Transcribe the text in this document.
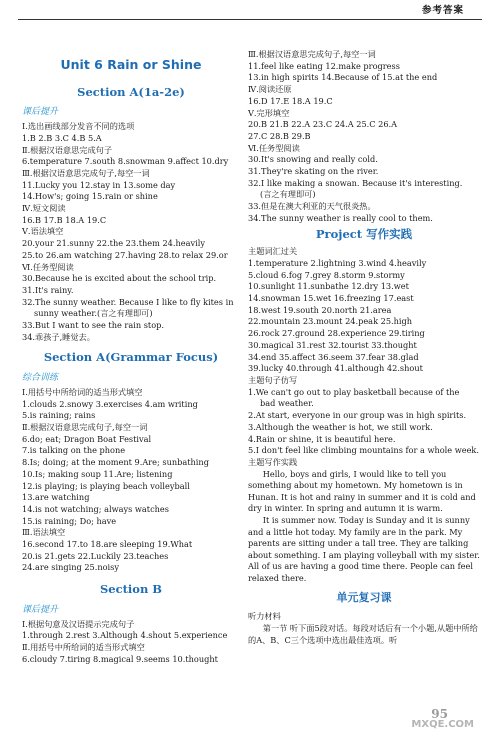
参考答案
Unit 6 Rain or Shine
Section A(1a-2e)
课后提升
Ⅰ.选出画线部分发音不同的选项
1.B 2.B 3.C 4.B 5.A
Ⅱ.根据汉语意思完成句子
6.temperature 7.south 8.snowman 9.affect 10.dry
Ⅲ.根据汉语意思完成句子,每空一词
11.Lucky you 12.stay in 13.some day
14.How's; going 15.rain or shine
Ⅳ.短文阅读
16.B 17.B 18.A 19.C
Ⅴ.语法填空
20.your 21.sunny 22.the 23.them 24.heavily
25.to 26.am watching 27.having 28.to relax 29.or
Ⅵ.任务型阅读
30.Because he is excited about the school trip.
31.It's rainy.
32.The sunny weather. Because I like to fly kites in
sunny weather.(言之有理即可)
33.But I want to see the rain stop.
34.乖孩子,睡觉去。
Section A(Grammar Focus)
综合训练
Ⅰ.用括号中所给词的适当形式填空
1.clouds 2.snowy 3.exercises 4.am writing
5.is raining; rains
Ⅱ.根据汉语意思完成句子,每空一词
6.do; eat; Dragon Boat Festival
7.is talking on the phone
8.Is; doing; at the moment 9.Are; sunbathing
10.Is; making soup 11.Are; listening
12.is playing; is playing beach volleyball
13.are watching
14.is not watching; always watches
15.is raining; Do; have
Ⅲ.语法填空
16.second 17.to 18.are sleeping 19.What
20.is 21.gets 22.Luckily 23.teaches
24.are singing 25.noisy
Section B
课后提升
Ⅰ.根据句意及汉语提示完成句子
1.through 2.rest 3.Although 4.shout 5.experience
Ⅱ.用括号中所给词的适当形式填空
6.cloudy 7.tiring 8.magical 9.seems 10.thought
Ⅲ.根据汉语意思完成句子,每空一词
11.feel like eating 12.make progress
13.in high spirits 14.Because of 15.at the end
Ⅳ.阅读还原
16.D 17.E 18.A 19.C
Ⅴ.完形填空
20.B 21.B 22.A 23.C 24.A 25.C 26.A
27.C 28.B 29.B
Ⅵ.任务型阅读
30.It's snowing and really cold.
31.They're skating on the river.
32.I like making a snowan. Because it's interesting.
(言之有理即可)
33.但是在澳大利亚的天气很炎热。
34.The sunny weather is really cool to them.
Project 写作实践
主题词汇过关
1.temperature 2.lightning 3.wind 4.heavily
5.cloud 6.fog 7.grey 8.storm 9.stormy
10.sunlight 11.sunbathe 12.dry 13.wet
14.snowman 15.wet 16.freezing 17.east
18.west 19.south 20.north 21.area
22.mountain 23.mount 24.peak 25.high
26.rock 27.ground 28.experience 29.tiring
30.magical 31.rest 32.tourist 33.thought
34.end 35.affect 36.seem 37.fear 38.glad
39.lucky 40.through 41.although 42.shout
主题句子仿写
1.We can't go out to play basketball because of the
bad weather.
2.At start, everyone in our group was in high spirits.
3.Although the weather is hot, we still work.
4.Rain or shine, it is beautiful here.
5.I don't feel like climbing mountains for a whole week.
主题写作实践
Hello, boys and girls, I would like to tell you something about my hometown. My hometown is in Hunan. It is hot and rainy in summer and it is cold and dry in winter. In spring and autumn it is warm.
It is summer now. Today is Sunday and it is sunny and a little hot today. My family are in the park. My parents are sitting under a tall tree. They are talking about something. I am playing volleyball with my sister. All of us are having a good time there. People can feel relaxed there.
单元复习课
听力材料
第一节 听下面5段对话。每段对话后有一个小题,从题中所给的A、B、C三个选项中选出最佳选项。听
95
MXQE.COM
